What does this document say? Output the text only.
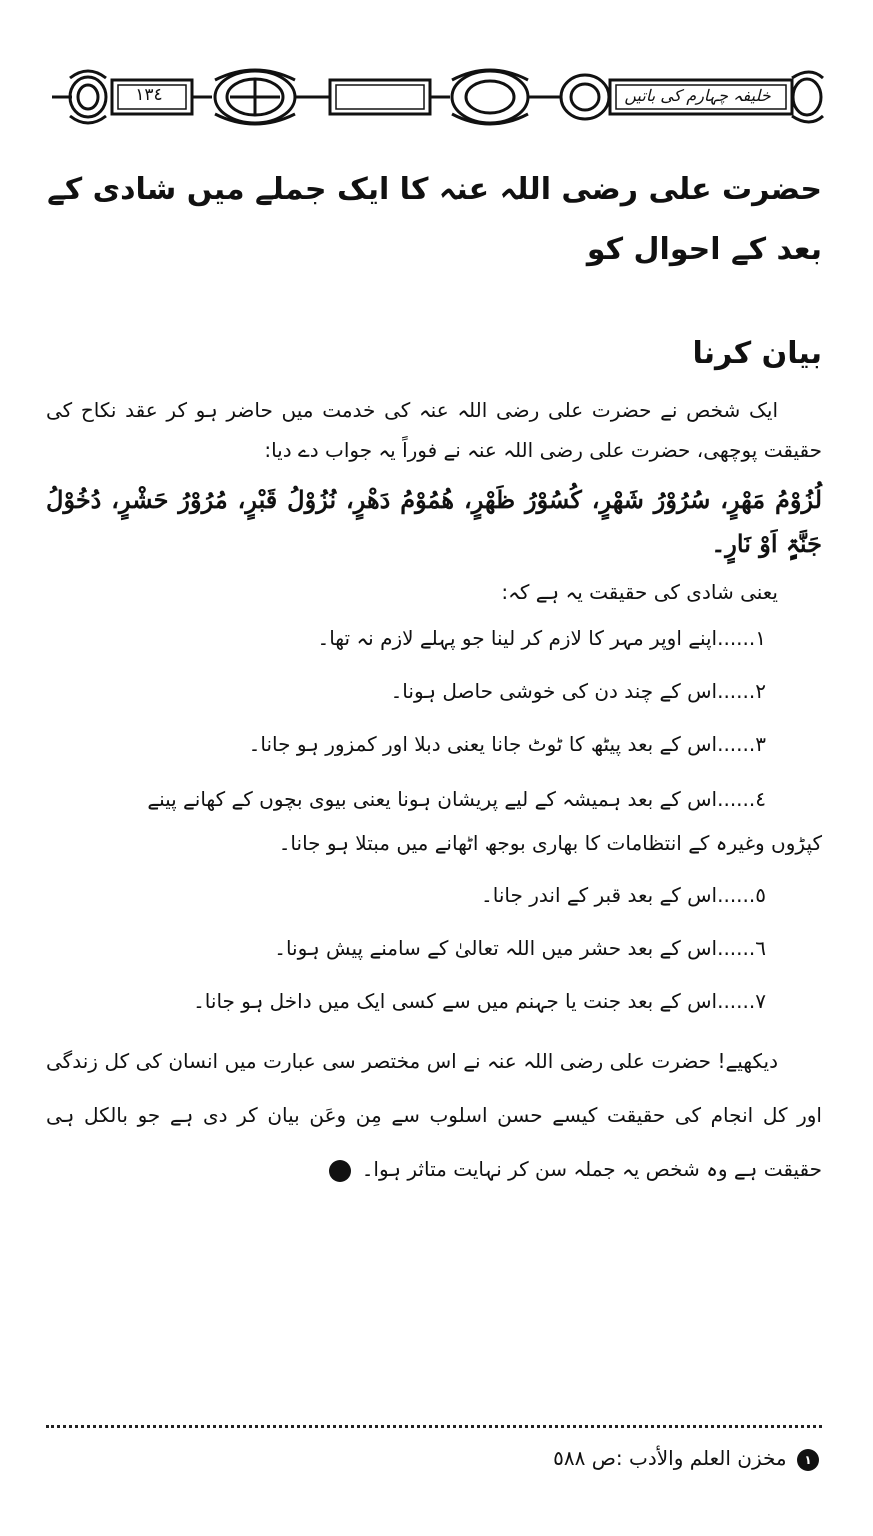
١٣٤	خلیفہ چہارم کی باتیں
حضرت علی رضی اللہ عنہ کا ایک جملے میں شادی کے بعد کے احوال کو
بیان کرنا

ایک شخص نے حضرت علی رضی اللہ عنہ کی خدمت میں حاضر ہو کر عقد نکاح کی حقیقت پوچھی، حضرت علی رضی اللہ عنہ نے فوراً یہ جواب دے دیا:

لُزُوْمُ مَھْرٍ، سُرُوْرُ شَھْرٍ، کُسُوْرُ ظَھْرٍ، ھُمُوْمُ دَھْرٍ، نُزُوْلُ قَبْرٍ، مُرُوْرُ حَشْرٍ، دُخُوْلُ جَنَّۃٍ اَوْ نَارٍ۔

یعنی شادی کی حقیقت یہ ہے کہ:

١......اپنے اوپر مہر کا لازم کر لینا جو پہلے لازم نہ تھا۔
٢......اس کے چند دن کی خوشی حاصل ہونا۔
٣......اس کے بعد پیٹھ کا ٹوٹ جانا یعنی دبلا اور کمزور ہو جانا۔
٤......اس کے بعد ہمیشہ کے لیے پریشان ہونا یعنی بیوی بچوں کے کھانے پینے
کپڑوں وغیرہ کے انتظامات کا بھاری بوجھ اٹھانے میں مبتلا ہو جانا۔
٥......اس کے بعد قبر کے اندر جانا۔
٦......اس کے بعد حشر میں اللہ تعالیٰ کے سامنے پیش ہونا۔
٧......اس کے بعد جنت یا جہنم میں سے کسی ایک میں داخل ہو جانا۔

دیکھیے! حضرت علی رضی اللہ عنہ نے اس مختصر سی عبارت میں انسان کی کل زندگی اور کل انجام کی حقیقت کیسے حسن اسلوب سے مِن وعَن بیان کر دی ہے جو بالکل ہی حقیقت ہے وہ شخص یہ جملہ سن کر نہایت متاثر ہوا۔ ١

١ مخزن العلم والأدب :ص ٥٨٨
